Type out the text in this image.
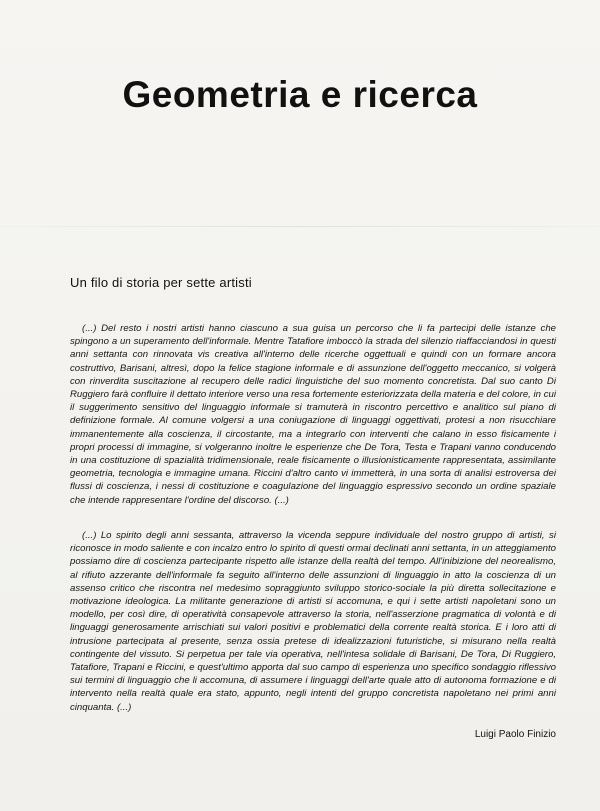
Geometria e ricerca
Un filo di storia per sette artisti

(...) Del resto i nostri artisti hanno ciascuno a sua guisa un percorso che li fa partecipi delle istanze che spingono a un superamento dell'informale. Mentre Tatafiore imboccò la strada del silenzio riaffacciandosi in questi anni settanta con rinnovata vis creativa all'interno delle ricerche oggettuali e quindi con un formare ancora costruttivo, Barisani, altresì, dopo la felice stagione informale e di assunzione dell'oggetto meccanico, si volgerà con rinverdita suscitazione al recupero delle radici linguistiche del suo momento concretista. Dal suo canto Di Ruggiero farà confluire il dettato interiore verso una resa fortemente esteriorizzata della materia e del colore, in cui il suggerimento sensitivo del linguaggio informale si tramuterà in riscontro percettivo e analitico sul piano di definizione formale. Al comune volgersi a una coniugazione di linguaggi oggettivati, protesi a non risucchiare immanentemente alla coscienza, il circostante, ma a integrarlo con interventi che calano in esso fisicamente i propri processi di immagine, si volgeranno inoltre le esperienze che De Tora, Testa e Trapani vanno conducendo in una costituzione di spazialità tridimensionale, reale fisicamente o illusionisticamente rappresentata, assimilante geometria, tecnologia e immagine umana. Riccini d'altro canto vi immetterà, in una sorta di analisi estroversa dei flussi di coscienza, i nessi di costituzione e coagulazione del linguaggio espressivo secondo un ordine spaziale che intende rappresentare l'ordine del discorso. (...)

(...) Lo spirito degli anni sessanta, attraverso la vicenda seppure individuale del nostro gruppo di artisti, si riconosce in modo saliente e con incalzo entro lo spirito di questi ormai declinati anni settanta, in un atteggiamento possiamo dire di coscienza partecipante rispetto alle istanze della realtà del tempo. All'inibizione del neorealismo, al rifiuto azzerante dell'informale fa seguito all'interno delle assunzioni di linguaggio in atto la coscienza di un assenso critico che riscontra nel medesimo sopraggiunto sviluppo storico-sociale la più diretta sollecitazione e motivazione ideologica. La militante generazione di artisti si accomuna, e qui i sette artisti napoletani sono un modello, per così dire, di operatività consapevole attraverso la storia, nell'asserzione pragmatica di volontà e di linguaggi generosamente arrischiati sui valori positivi e problematici della corrente realtà storica. E i loro atti di intrusione partecipata al presente, senza ossia pretese di idealizzazioni futuristiche, si misurano nella realtà contingente del vissuto. Si perpetua per tale via operativa, nell'intesa solidale di Barisani, De Tora, Di Ruggiero, Tatafiore, Trapani e Riccini, e quest'ultimo apporta dal suo campo di esperienza uno specifico sondaggio riflessivo sui termini di linguaggio che li accomuna, di assumere i linguaggi dell'arte quale atto di autonoma formazione e di intervento nella realtà quale era stato, appunto, negli intenti del gruppo concretista napoletano nei primi anni cinquanta. (...)

Luigi Paolo Finizio
